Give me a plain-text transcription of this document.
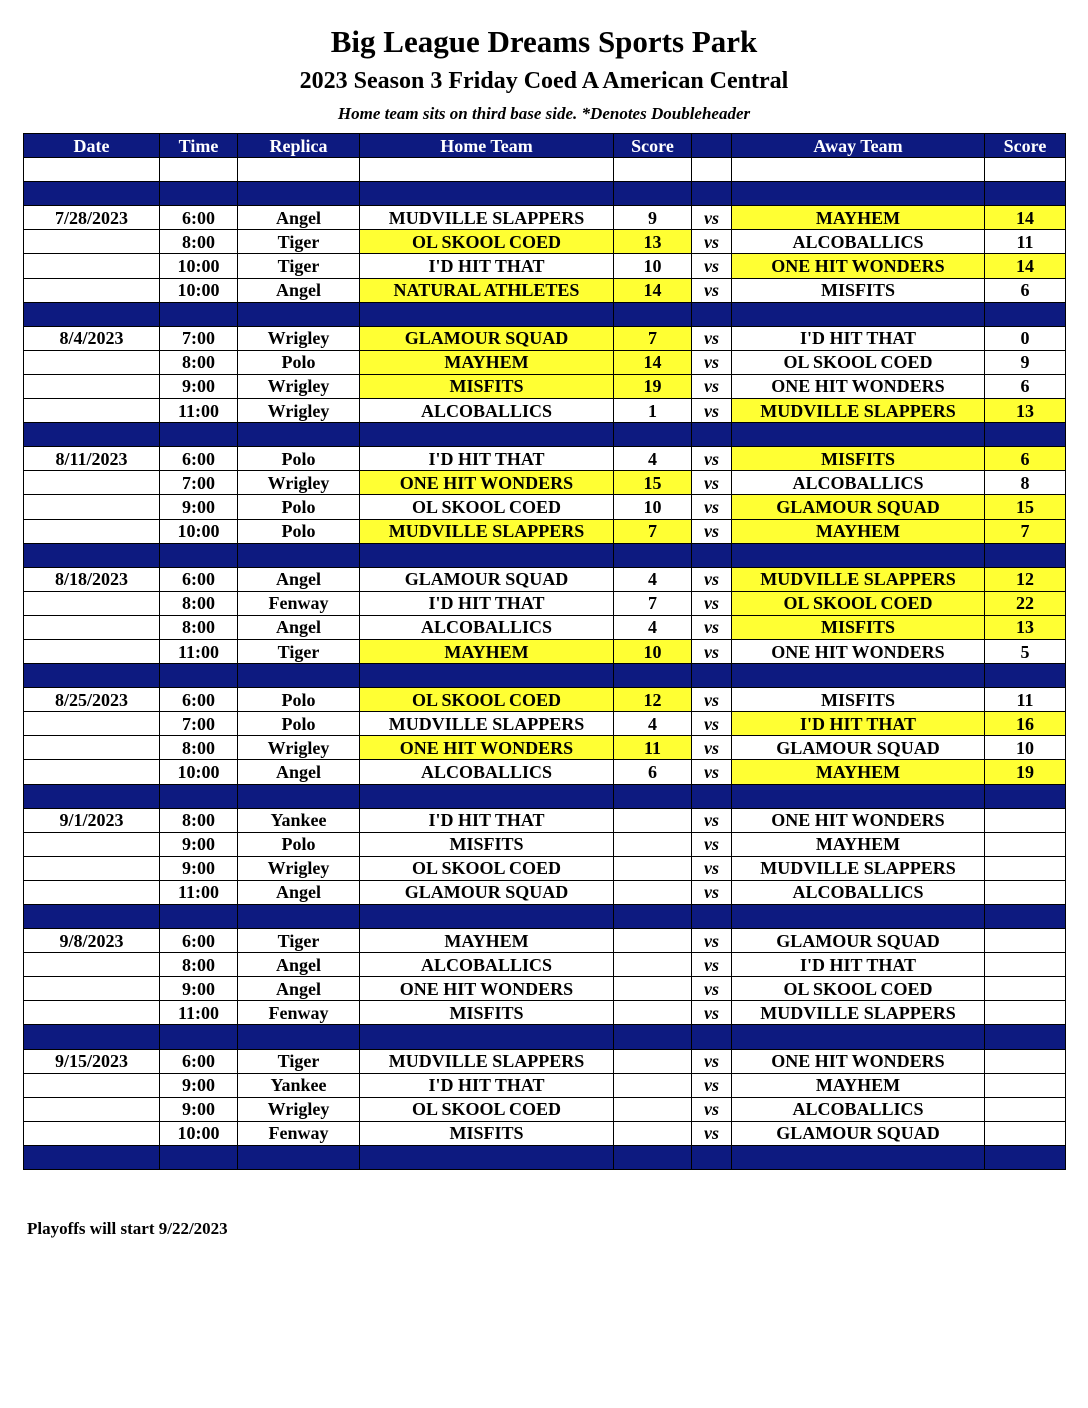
Big League Dreams Sports Park
2023 Season 3 Friday Coed A American Central
Home team sits on third base side. *Denotes Doubleheader
Date	Time	Replica	Home Team	Score		Away Team	Score

7/28/2023	6:00	Angel	MUDVILLE SLAPPERS	9	vs	MAYHEM	14
	8:00	Tiger	OL SKOOL COED	13	vs	ALCOBALLICS	11
	10:00	Tiger	I'D HIT THAT	10	vs	ONE HIT WONDERS	14
	10:00	Angel	NATURAL ATHLETES	14	vs	MISFITS	6

8/4/2023	7:00	Wrigley	GLAMOUR SQUAD	7	vs	I'D HIT THAT	0
	8:00	Polo	MAYHEM	14	vs	OL SKOOL COED	9
	9:00	Wrigley	MISFITS	19	vs	ONE HIT WONDERS	6
	11:00	Wrigley	ALCOBALLICS	1	vs	MUDVILLE SLAPPERS	13

8/11/2023	6:00	Polo	I'D HIT THAT	4	vs	MISFITS	6
	7:00	Wrigley	ONE HIT WONDERS	15	vs	ALCOBALLICS	8
	9:00	Polo	OL SKOOL COED	10	vs	GLAMOUR SQUAD	15
	10:00	Polo	MUDVILLE SLAPPERS	7	vs	MAYHEM	7

8/18/2023	6:00	Angel	GLAMOUR SQUAD	4	vs	MUDVILLE SLAPPERS	12
	8:00	Fenway	I'D HIT THAT	7	vs	OL SKOOL COED	22
	8:00	Angel	ALCOBALLICS	4	vs	MISFITS	13
	11:00	Tiger	MAYHEM	10	vs	ONE HIT WONDERS	5

8/25/2023	6:00	Polo	OL SKOOL COED	12	vs	MISFITS	11
	7:00	Polo	MUDVILLE SLAPPERS	4	vs	I'D HIT THAT	16
	8:00	Wrigley	ONE HIT WONDERS	11	vs	GLAMOUR SQUAD	10
	10:00	Angel	ALCOBALLICS	6	vs	MAYHEM	19

9/1/2023	8:00	Yankee	I'D HIT THAT		vs	ONE HIT WONDERS	
	9:00	Polo	MISFITS		vs	MAYHEM	
	9:00	Wrigley	OL SKOOL COED		vs	MUDVILLE SLAPPERS	
	11:00	Angel	GLAMOUR SQUAD		vs	ALCOBALLICS	

9/8/2023	6:00	Tiger	MAYHEM		vs	GLAMOUR SQUAD	
	8:00	Angel	ALCOBALLICS		vs	I'D HIT THAT	
	9:00	Angel	ONE HIT WONDERS		vs	OL SKOOL COED	
	11:00	Fenway	MISFITS		vs	MUDVILLE SLAPPERS	

9/15/2023	6:00	Tiger	MUDVILLE SLAPPERS		vs	ONE HIT WONDERS	
	9:00	Yankee	I'D HIT THAT		vs	MAYHEM	
	9:00	Wrigley	OL SKOOL COED		vs	ALCOBALLICS	
	10:00	Fenway	MISFITS		vs	GLAMOUR SQUAD	

Playoffs will start 9/22/2023
